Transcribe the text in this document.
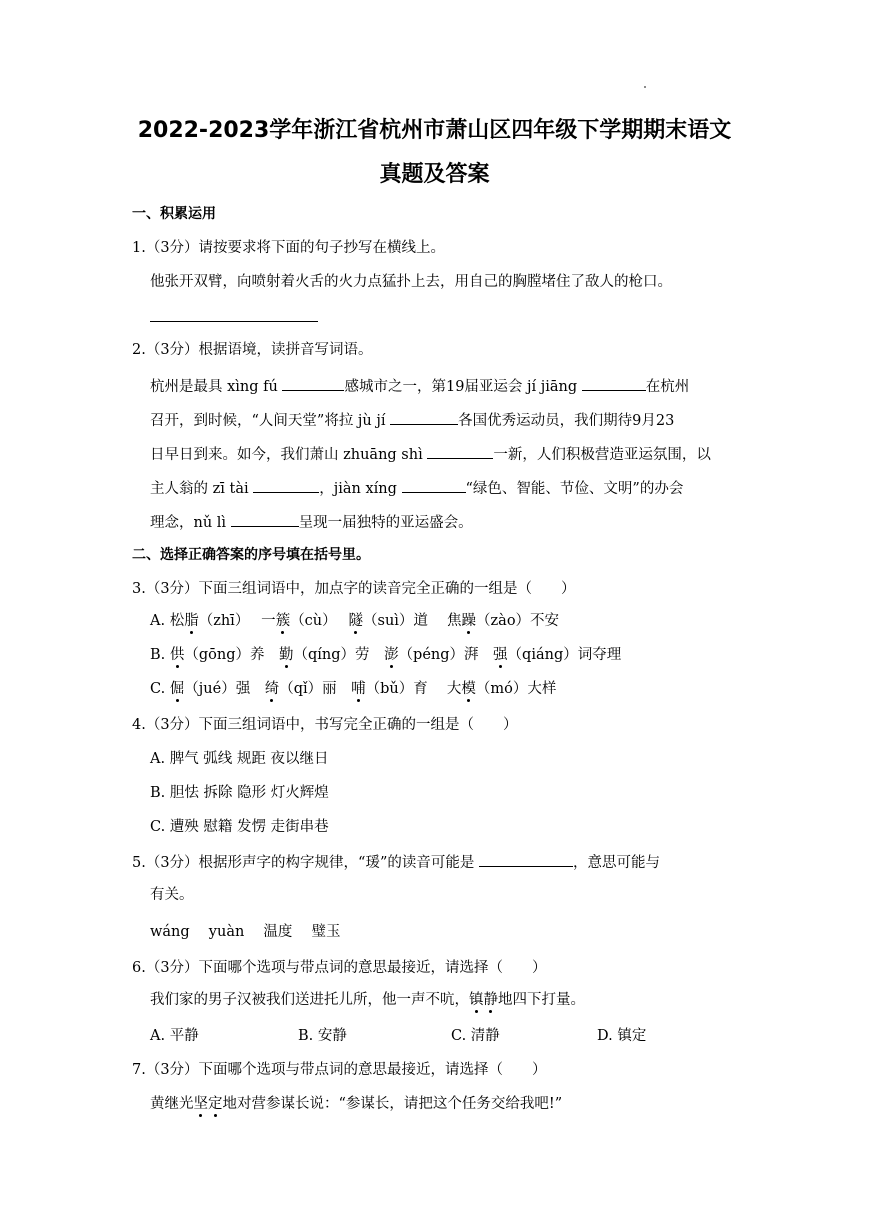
2022-2023学年浙江省杭州市萧山区四年级下学期期末语文
真题及答案
一、积累运用
1.（3分）请按要求将下面的句子抄写在横线上。
他张开双臂，向喷射着火舌的火力点猛扑上去，用自己的胸膛堵住了敌人的枪口。
2.（3分）根据语境，读拼音写词语。
杭州是最具 xìng fú	感城市之一，第19届亚运会 jí jiāng	在杭州
召开，到时候，“人间天堂”将拉 jù jí	各国优秀运动员，我们期待9月23
日早日到来。如今，我们萧山 zhuāng shì	一新，人们积极营造亚运氛围，以
主人翁的 zī tài	，jiàn xíng	“绿色、智能、节俭、文明”的办会
理念，nǔ lì	呈现一届独特的亚运盛会。
二、选择正确答案的序号填在括号里。
3.（3分）下面三组词语中，加点字的读音完全正确的一组是（　　）
A. 松脂（zhī）　 一簇（cù）　 隧（suì）道　 焦躁（zào）不安
B. 供（gōng）养　勤（qíng）劳　澎（péng）湃　强（qiáng）词夺理
C. 倔（jué）强　绮（qǐ）丽　哺（bǔ）育　 大模（mó）大样
4.（3分）下面三组词语中，书写完全正确的一组是（　　）
A. 脾气 弧线 规距 夜以继日
B. 胆怯 拆除 隐形 灯火辉煌
C. 遭殃 慰籍 发愣 走街串巷
5.（3分）根据形声字的构字规律，“瑗”的读音可能是	，意思可能与
有关。
wáng　 yuàn　 温度　 璧玉
6.（3分）下面哪个选项与带点词的意思最接近，请选择（　　）
我们家的男子汉被我们送进托儿所，他一声不吭，镇静地四下打量。
A. 平静	B. 安静	C. 清静	D. 镇定
7.（3分）下面哪个选项与带点词的意思最接近，请选择（　　）
黄继光坚定地对营参谋长说：“参谋长，请把这个任务交给我吧!”
